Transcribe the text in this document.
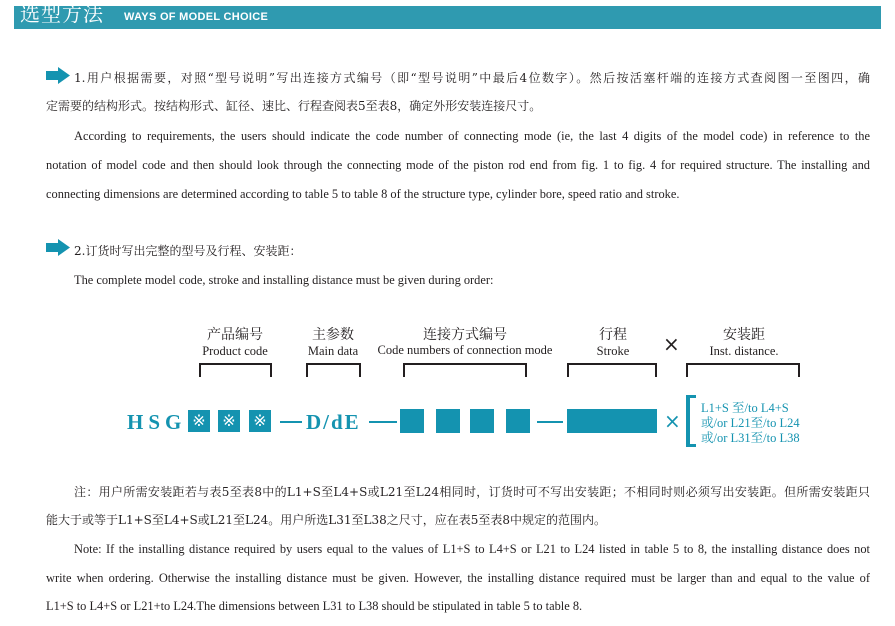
选型方法 WAYS OF MODEL CHOICE
1.用户根据需要，对照“型号说明”写出连接方式编号（即“型号说明”中最后4位数字）。然后按活塞杆端的连接方式查阅图一至图四，确
定需要的结构形式。按结构形式、缸径、速比、行程查阅表5至表8，确定外形安装连接尺寸。
According to requirements, the users should indicate the code number of connecting mode (ie, the last 4 digits of the model code) in reference to the
notation of model code and then should look through the connecting mode of the piston rod end from fig. 1 to fig. 4 for required structure. The installing and
connecting dimensions are determined according to table 5 to table 8 of the structure type, cylinder bore, speed ratio and stroke.
2.订货时写出完整的型号及行程、安装距：
The complete model code, stroke and installing distance must be given during order:
产品编号
Product code
主参数
Main data
连接方式编号
Code numbers of connection mode
行程
Stroke	×	安装距
Inst. distance.
HSG ※ ※ ※ D/dE	×
L1+S 至/to L4+S
或/or L21至/to L24
或/or L31至/to L38
注：用户所需安装距若与表5至表8中的L1+S至L4+S或L21至L24相同时，订货时可不写出安装距；不相同时则必须写出安装距。但所需安装距只
能大于或等于L1+S至L4+S或L21至L24。用户所选L31至L38之尺寸，应在表5至表8中规定的范围内。
Note: If the installing distance required by users equal to the values of L1+S to L4+S or L21 to L24 listed in table 5 to 8, the installing distance does not
write when ordering. Otherwise the installing distance must be given. However, the installing distance required must be larger than and equal to the value of
L1+S to L4+S or L21+to L24.The dimensions between L31 to L38 should be stipulated in table 5 to table 8.
